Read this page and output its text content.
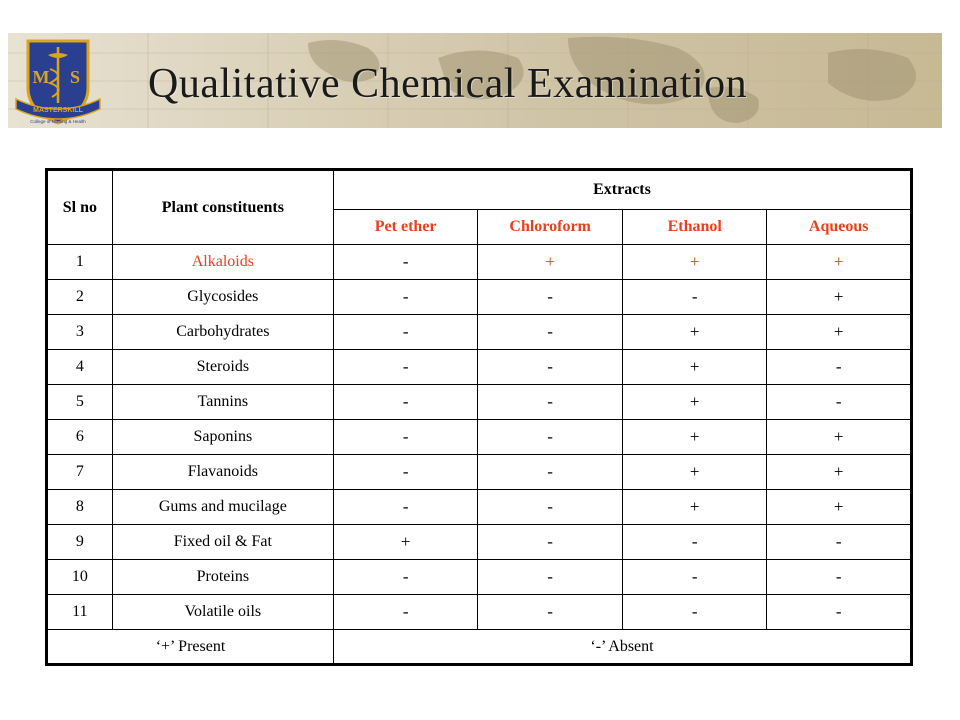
M S
MASTERSKILL
College of Nursing & Health
Qualitative Chemical Examination
Sl no	Plant constituents	Extracts			
		Pet ether	Chloroform	Ethanol	Aqueous
1	Alkaloids	-	+	+	+
2	Glycosides	-	-	-	+
3	Carbohydrates	-	-	+	+
4	Steroids	-	-	+	-
5	Tannins	-	-	+	-
6	Saponins	-	-	+	+
7	Flavanoids	-	-	+	+
8	Gums and mucilage	-	-	+	+
9	Fixed oil & Fat	+	-	-	-
10	Proteins	-	-	-	-
11	Volatile oils	-	-	-	-
‘+’ Present		‘-’ Absent			
